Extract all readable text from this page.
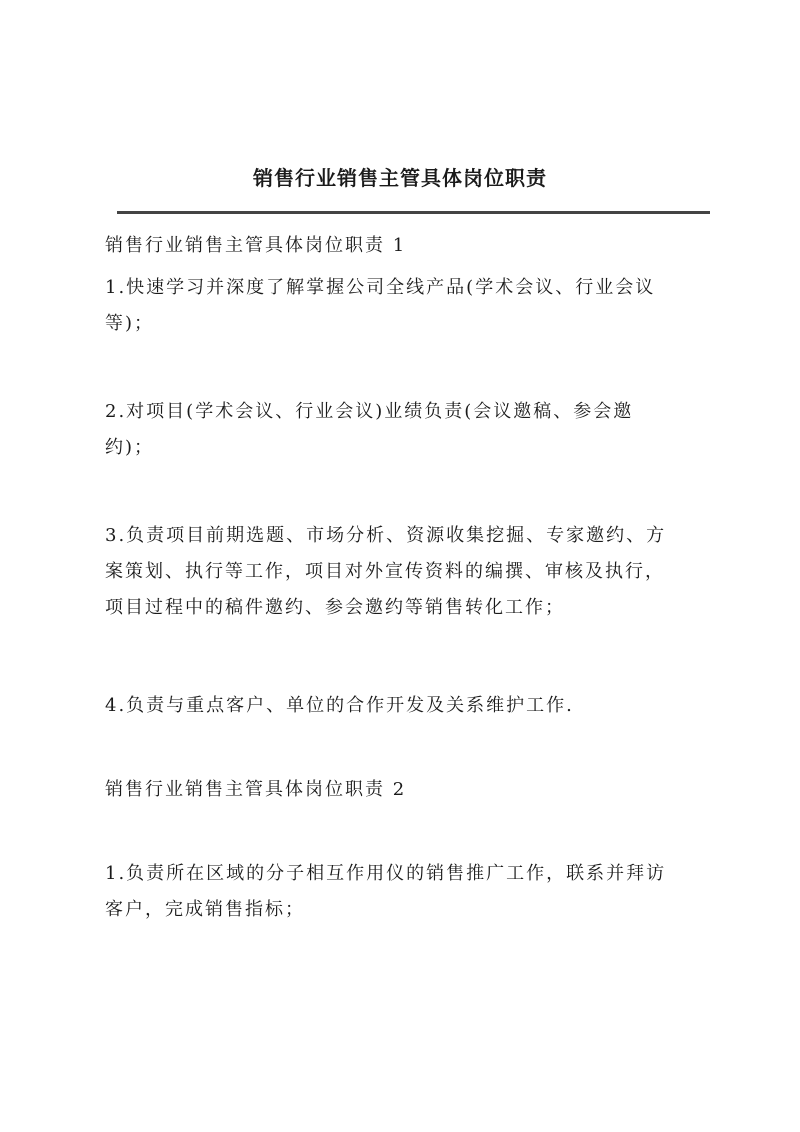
销售行业销售主管具体岗位职责
销售行业销售主管具体岗位职责 1
1.快速学习并深度了解掌握公司全线产品(学术会议、行业会议
等)；
2.对项目(学术会议、行业会议)业绩负责(会议邀稿、参会邀
约)；
3.负责项目前期选题、市场分析、资源收集挖掘、专家邀约、方
案策划、执行等工作，项目对外宣传资料的编撰、审核及执行，
项目过程中的稿件邀约、参会邀约等销售转化工作；
4.负责与重点客户、单位的合作开发及关系维护工作.
销售行业销售主管具体岗位职责 2
1.负责所在区域的分子相互作用仪的销售推广工作，联系并拜访
客户，完成销售指标；
